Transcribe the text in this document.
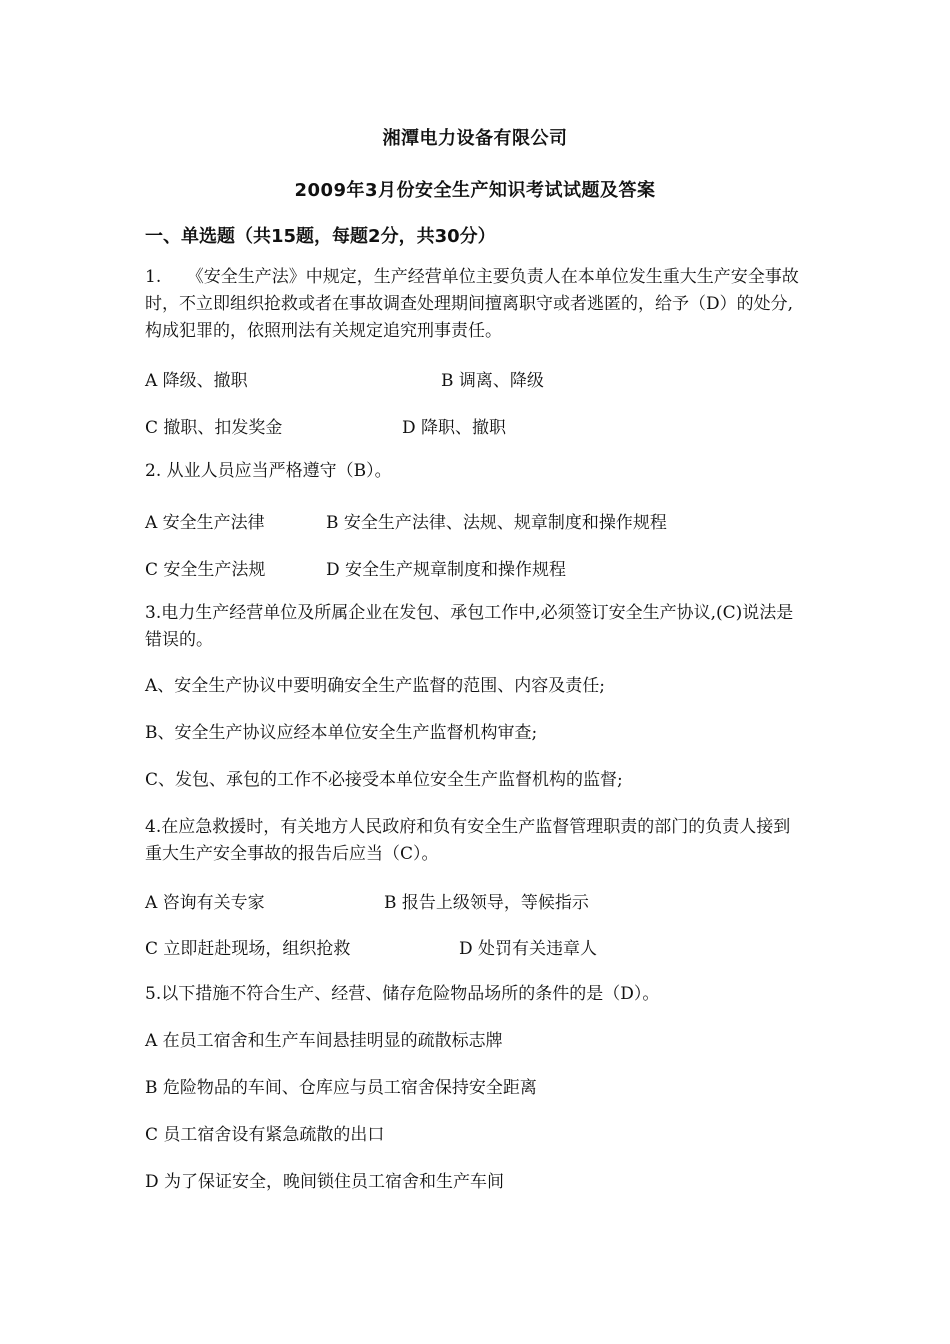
湘潭电力设备有限公司
2009年3月份安全生产知识考试试题及答案
一、单选题（共15题，每题2分，共30分）
1.　　《安全生产法》中规定，生产经营单位主要负责人在本单位发生重大生产安全事故时，不立即组织抢救或者在事故调查处理期间擅离职守或者逃匿的，给予（D）的处分,构成犯罪的，依照刑法有关规定追究刑事责任。
A 降级、撤职	B 调离、降级
C 撤职、扣发奖金	D 降职、撤职
2. 从业人员应当严格遵守（B）。
A 安全生产法律	B 安全生产法律、法规、规章制度和操作规程
C 安全生产法规	D 安全生产规章制度和操作规程
3.电力生产经营单位及所属企业在发包、承包工作中,必须签订安全生产协议,(C)说法是错误的。
A、安全生产协议中要明确安全生产监督的范围、内容及责任;
B、安全生产协议应经本单位安全生产监督机构审查;
C、发包、承包的工作不必接受本单位安全生产监督机构的监督;
4.在应急救援时，有关地方人民政府和负有安全生产监督管理职责的部门的负责人接到重大生产安全事故的报告后应当（C）。
A 咨询有关专家	B 报告上级领导，等候指示
C 立即赶赴现场，组织抢救	D 处罚有关违章人
5.以下措施不符合生产、经营、储存危险物品场所的条件的是（D）。
A 在员工宿舍和生产车间悬挂明显的疏散标志牌
B 危险物品的车间、仓库应与员工宿舍保持安全距离
C 员工宿舍设有紧急疏散的出口
D 为了保证安全，晚间锁住员工宿舍和生产车间
